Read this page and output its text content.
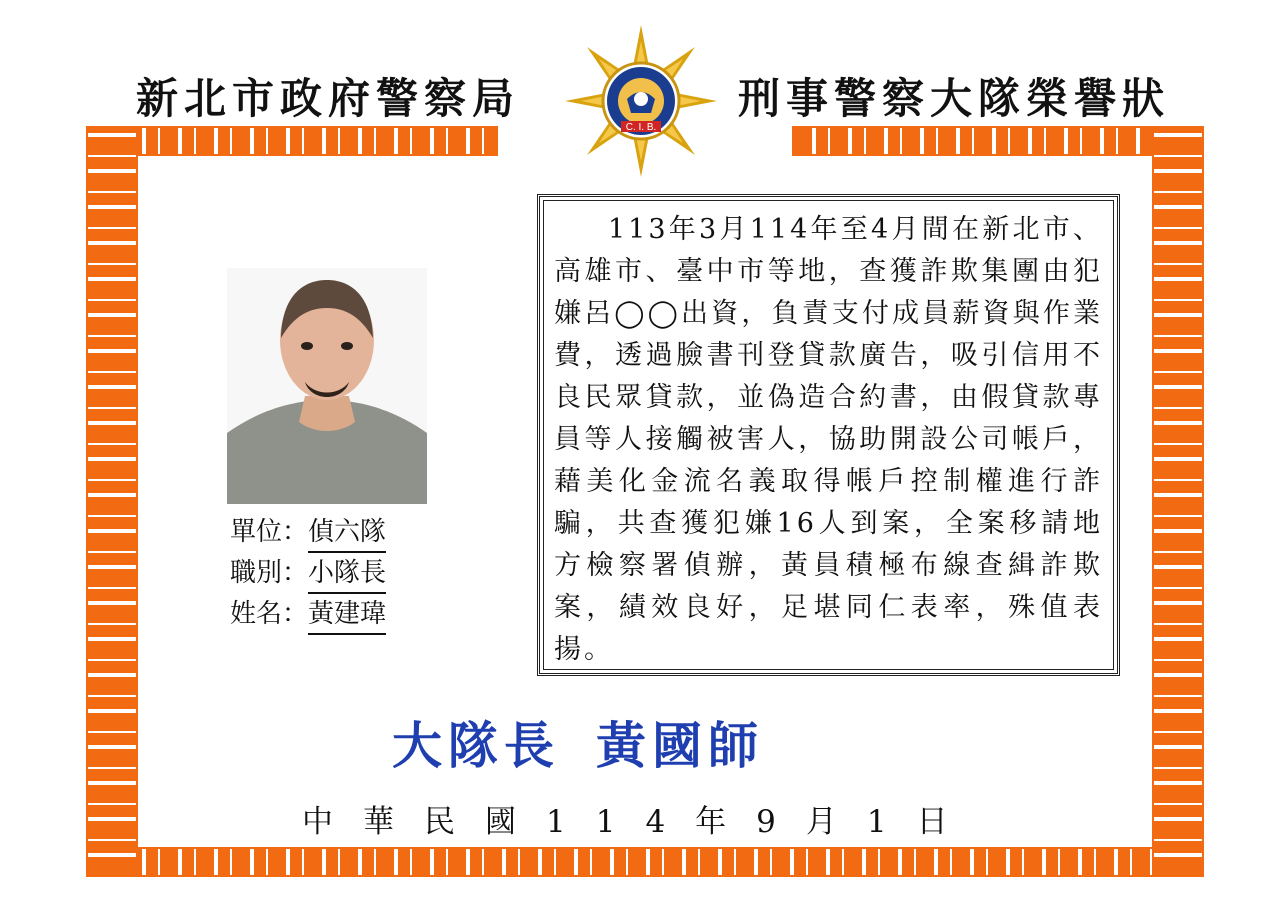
新北市政府警察局
C. I. B.
刑事警察大隊榮譽狀
單位： 偵六隊
職別： 小隊長
姓名： 黃建瑋
113年3月114年至4月間在新北市、高雄市、臺中市等地，查獲詐欺集團由犯嫌呂◯◯出資，負責支付成員薪資與作業費，透過臉書刊登貸款廣告，吸引信用不良民眾貸款，並偽造合約書，由假貸款專員等人接觸被害人，協助開設公司帳戶，藉美化金流名義取得帳戶控制權進行詐騙，共查獲犯嫌16人到案，全案移請地方檢察署偵辦，黃員積極布線查緝詐欺案，績效良好，足堪同仁表率，殊值表揚。
大隊長 黃國師
中華民國114年9月1日
